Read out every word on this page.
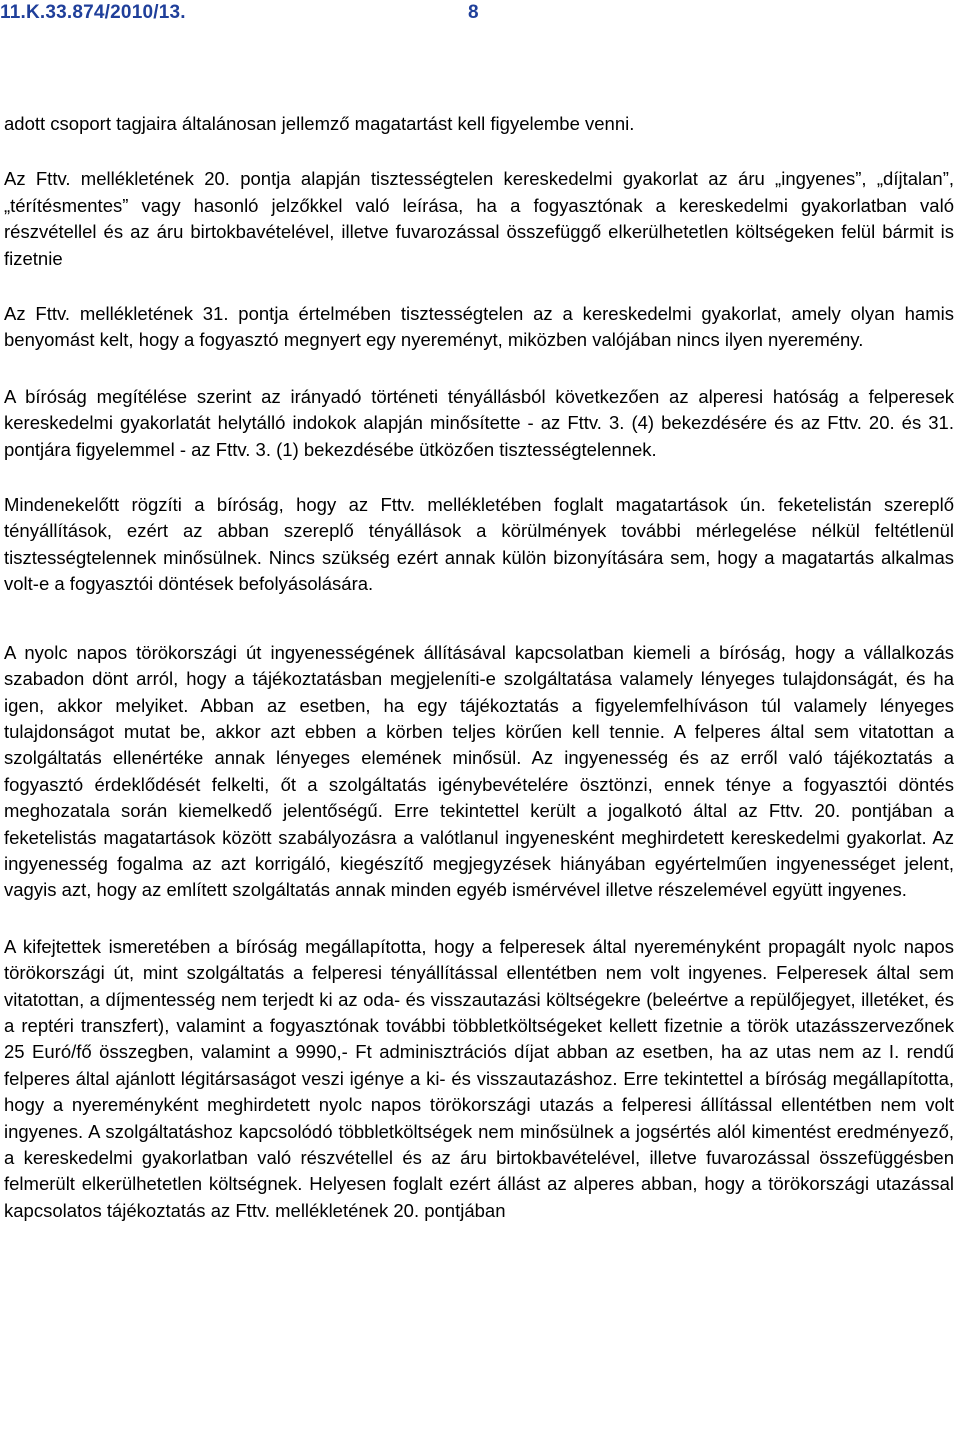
11.K.33.874/2010/13.	8

adott csoport tagjaira általánosan jellemző magatartást kell figyelembe venni.

Az Fttv. mellékletének 20. pontja alapján tisztességtelen kereskedelmi gyakorlat az áru „ingyenes”, „díjtalan”, „térítésmentes” vagy hasonló jelzőkkel való leírása, ha a fogyasztónak a kereskedelmi gyakorlatban való részvétellel és az áru birtokbavételével, illetve fuvarozással összefüggő elkerülhetetlen költségeken felül bármit is fizetnie

Az Fttv. mellékletének 31. pontja értelmében tisztességtelen az a kereskedelmi gyakorlat, amely olyan hamis benyomást kelt, hogy a fogyasztó megnyert egy nyereményt, miközben valójában nincs ilyen nyeremény.

A bíróság megítélése szerint az irányadó történeti tényállásból következően az alperesi hatóság a felperesek kereskedelmi gyakorlatát helytálló indokok alapján minősítette - az Fttv. 3. (4) bekezdésére és az Fttv. 20. és 31. pontjára figyelemmel - az Fttv. 3. (1) bekezdésébe ütközően tisztességtelennek.

Mindenekelőtt rögzíti a bíróság, hogy az Fttv. mellékletében foglalt magatartások ún. feketelistán szereplő tényállítások, ezért az abban szereplő tényállások a körülmények további mérlegelése nélkül feltétlenül tisztességtelennek minősülnek. Nincs szükség ezért annak külön bizonyítására sem, hogy a magatartás alkalmas volt-e a fogyasztói döntések befolyásolására.

A nyolc napos törökországi út ingyenességének állításával kapcsolatban kiemeli a bíróság, hogy a vállalkozás szabadon dönt arról, hogy a tájékoztatásban megjeleníti-e szolgáltatása valamely lényeges tulajdonságát, és ha igen, akkor melyiket. Abban az esetben, ha egy tájékoztatás a figyelemfelhíváson túl valamely lényeges tulajdonságot mutat be, akkor azt ebben a körben teljes körűen kell tennie. A felperes által sem vitatottan a szolgáltatás ellenértéke annak lényeges elemének minősül. Az ingyenesség és az erről való tájékoztatás a fogyasztó érdeklődését felkelti, őt a szolgáltatás igénybevételére ösztönzi, ennek ténye a fogyasztói döntés meghozatala során kiemelkedő jelentőségű. Erre tekintettel került a jogalkotó által az Fttv. 20. pontjában a feketelistás magatartások között szabályozásra a valótlanul ingyenesként meghirdetett kereskedelmi gyakorlat. Az ingyenesség fogalma az azt korrigáló, kiegészítő megjegyzések hiányában egyértelműen ingyenességet jelent, vagyis azt, hogy az említett szolgáltatás annak minden egyéb ismérvével illetve részelemével együtt ingyenes.

A kifejtettek ismeretében a bíróság megállapította, hogy a felperesek által nyereményként propagált nyolc napos törökországi út, mint szolgáltatás a felperesi tényállítással ellentétben nem volt ingyenes. Felperesek által sem vitatottan, a díjmentesség nem terjedt ki az oda- és visszautazási költségekre (beleértve a repülőjegyet, illetéket, és a reptéri transzfert), valamint a fogyasztónak további többletköltségeket kellett fizetnie a török utazásszervezőnek 25 Euró/fő összegben, valamint a 9990,- Ft adminisztrációs díjat abban az esetben, ha az utas nem az I. rendű felperes által ajánlott légitársaságot veszi igénye a ki- és visszautazáshoz. Erre tekintettel a bíróság megállapította, hogy a nyereményként meghirdetett nyolc napos törökországi utazás a felperesi állítással ellentétben nem volt ingyenes. A szolgáltatáshoz kapcsolódó többletköltségek nem minősülnek a jogsértés alól kimentést eredményező, a kereskedelmi gyakorlatban való részvétellel és az áru birtokbavételével, illetve fuvarozással összefüggésben felmerült elkerülhetetlen költségnek. Helyesen foglalt ezért állást az alperes abban, hogy a törökországi utazással kapcsolatos tájékoztatás az Fttv. mellékletének 20. pontjában
